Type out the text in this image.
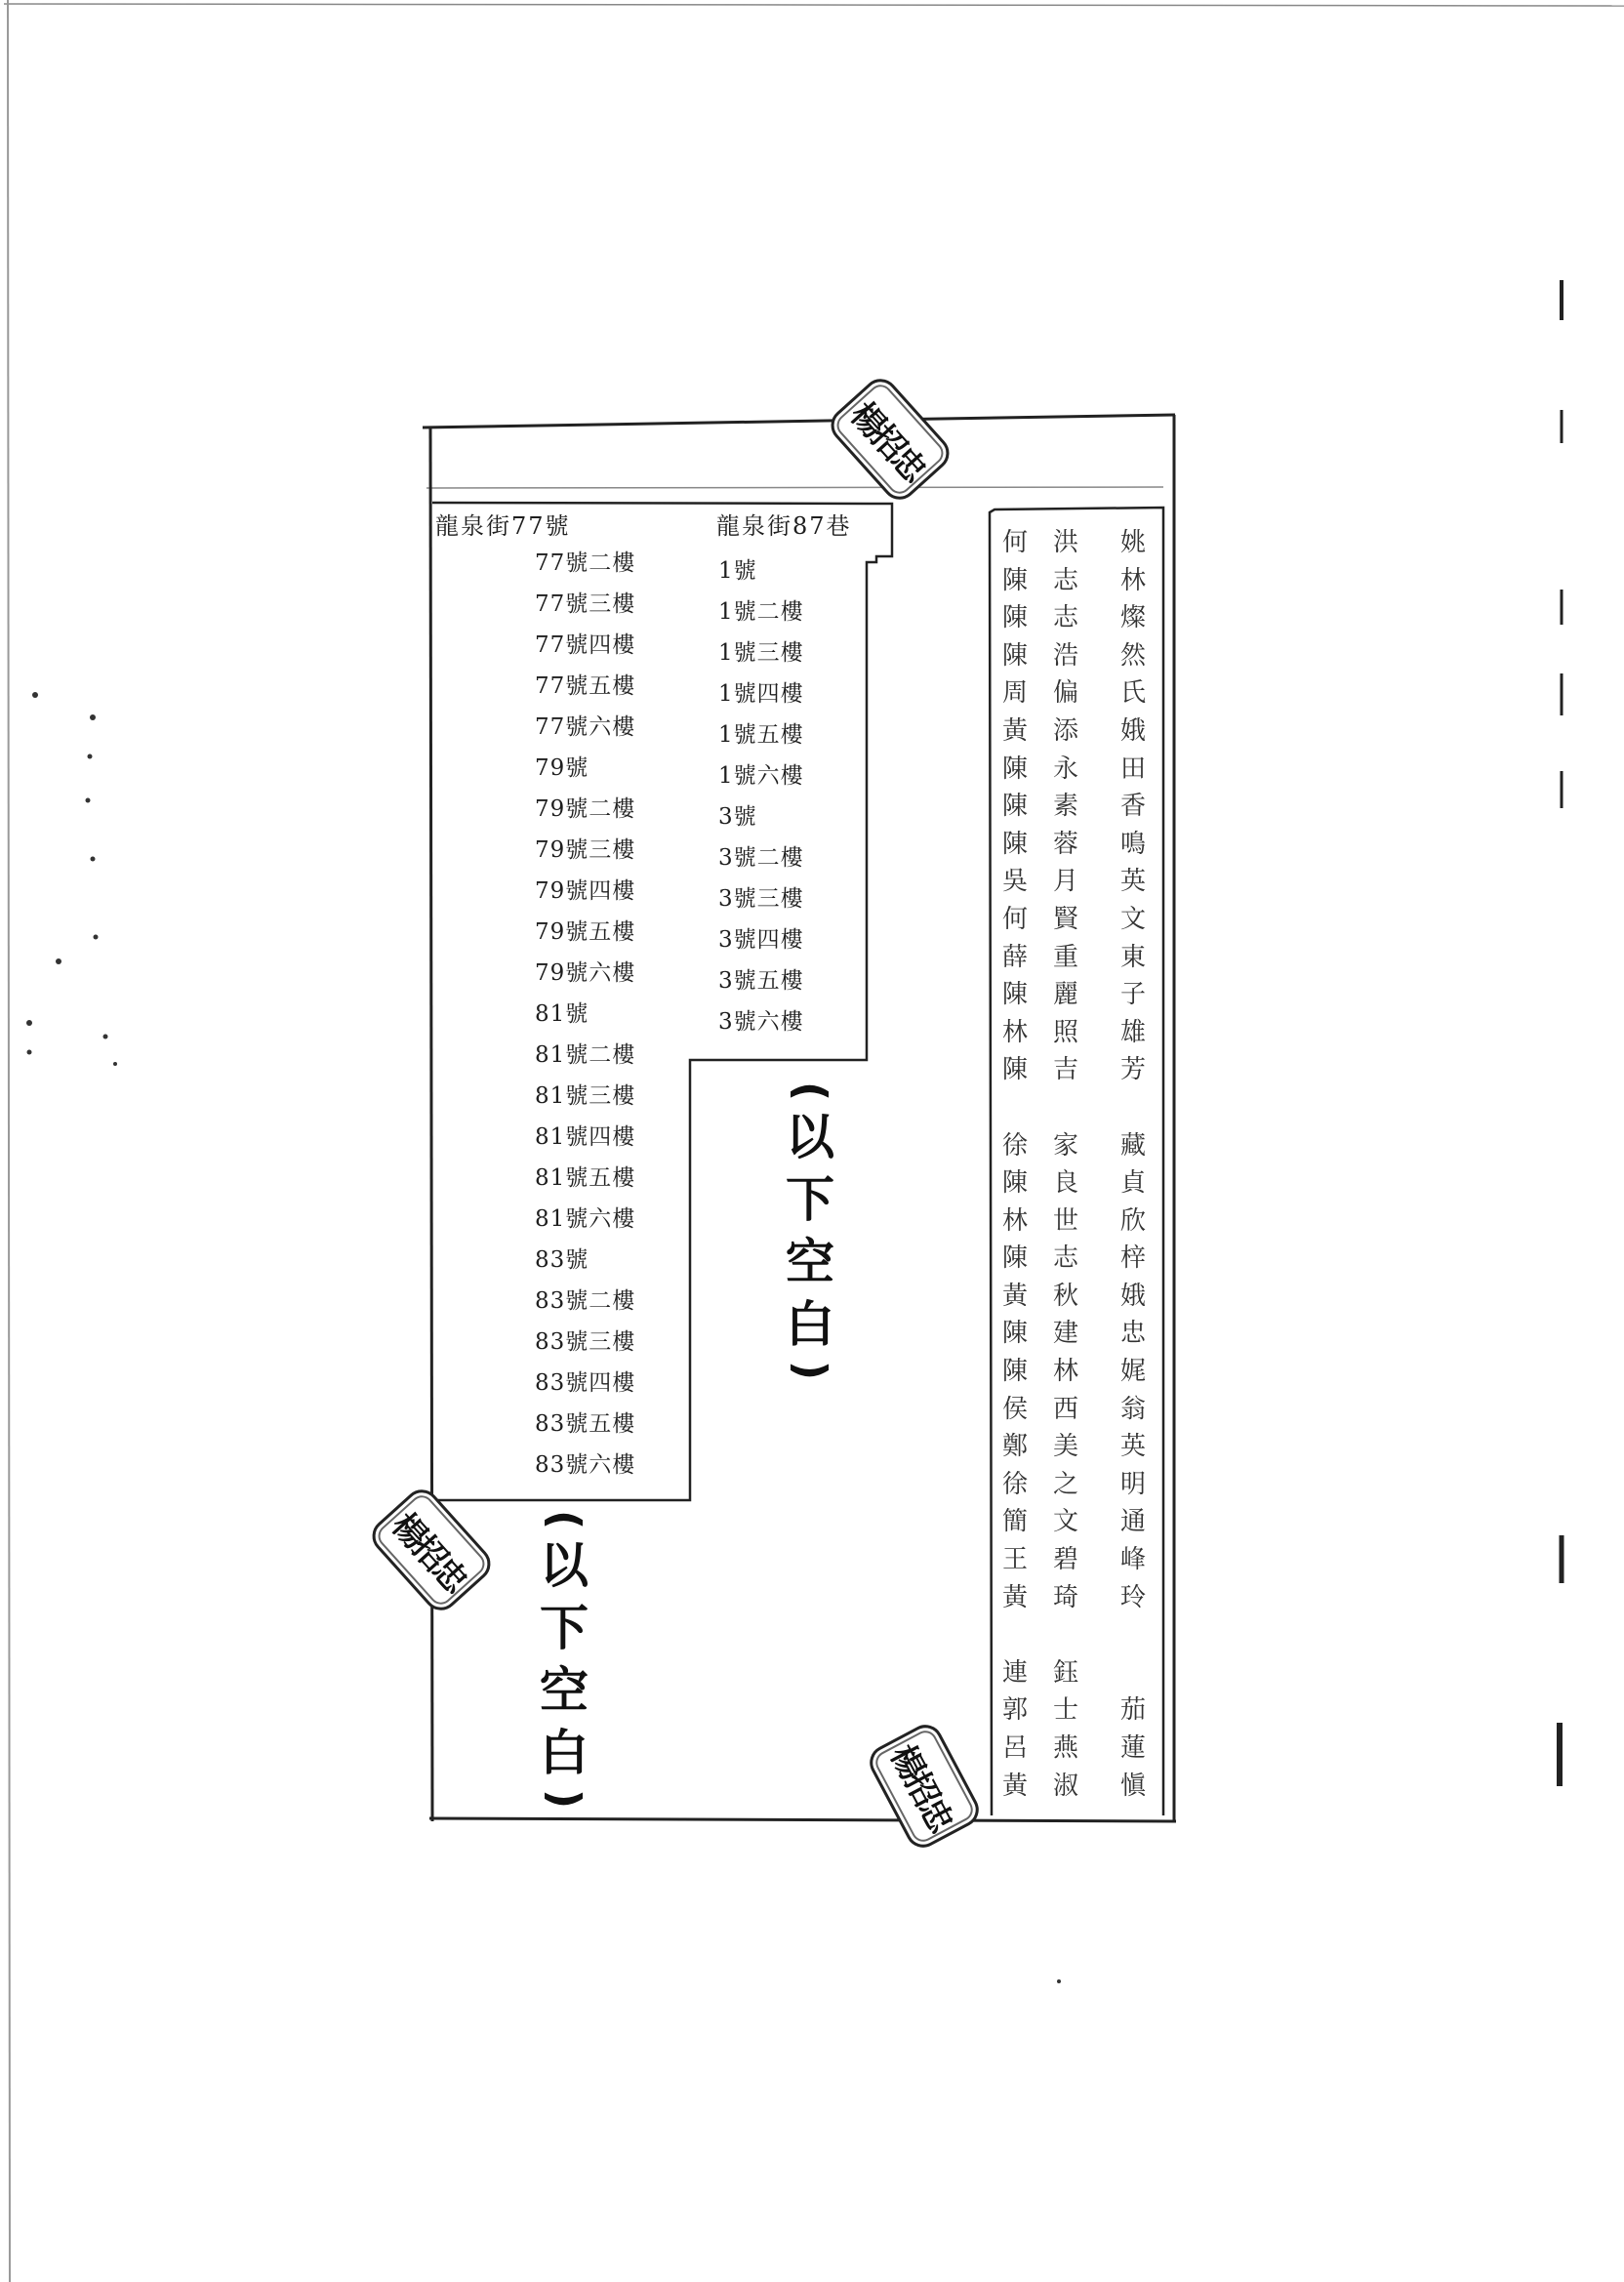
龍泉街77號
77號二樓
77號三樓
77號四樓
77號五樓
77號六樓
79號
79號二樓
79號三樓
79號四樓
79號五樓
79號六樓
81號
81號二樓
81號三樓
81號四樓
81號五樓
81號六樓
83號
83號二樓
83號三樓
83號四樓
83號五樓
83號六樓
龍泉街87巷
1號
1號二樓
1號三樓
1號四樓
1號五樓
1號六樓
3號
3號二樓
3號三樓
3號四樓
3號五樓
3號六樓
何
陳
陳
陳
周
黃
陳
陳
陳
吳
何
薛
陳
林
陳
徐
陳
林
陳
黃
陳
陳
侯
鄭
徐
簡
王
黃
連
郭
呂
黃
洪
志
志
浩
偏
添
永
素
蓉
月
賢
重
麗
照
吉
家
良
世
志
秋
建
林
西
美
之
文
碧
琦
鈺
士
燕
淑
姚
林
燦
然
氏
娥
田
香
鳴
英
文
東
子
雄
芳
藏
貞
欣
梓
娥
忠
娓
翁
英
明
通
峰
玲
茄
蓮
愼
(
以
下
空
白
)
(
以
下
空
白
)
楊招忠
楊招忠
楊招忠
